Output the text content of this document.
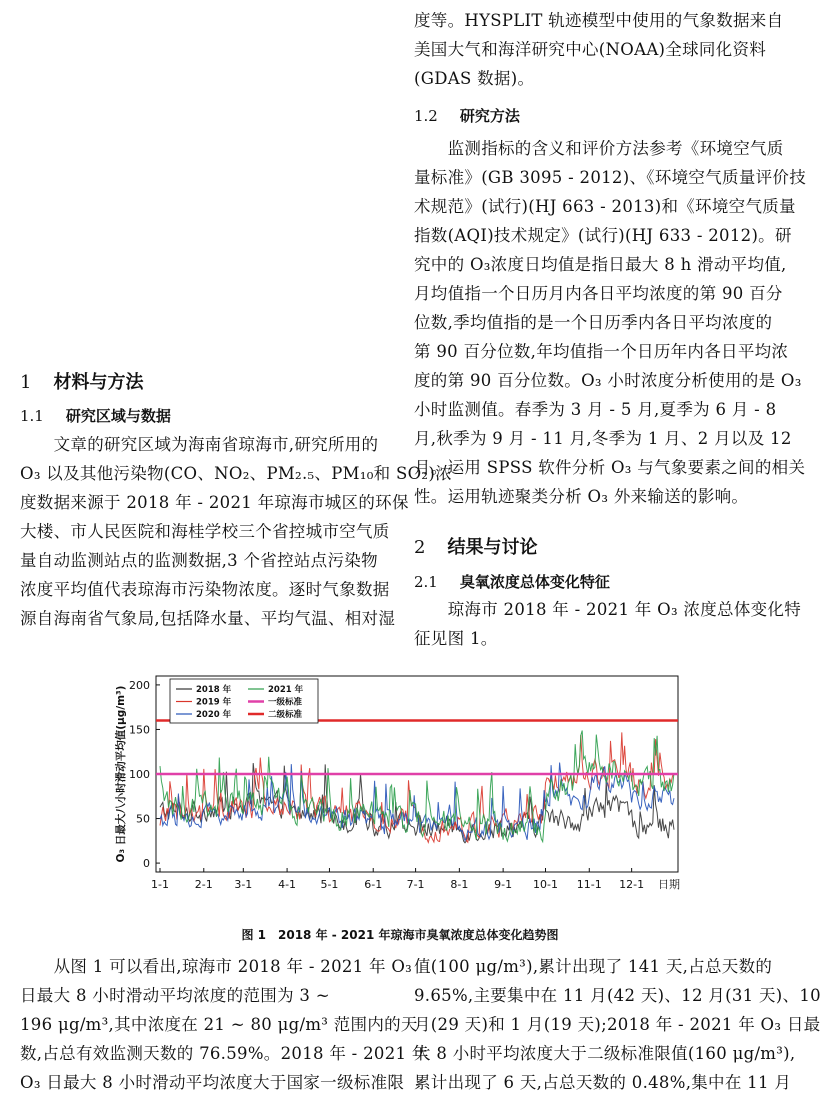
度等。HYSPLIT 轨迹模型中使用的气象数据来自
美国大气和海洋研究中心(NOAA)全球同化资料
(GDAS 数据)。
1.2 研究方法
　　监测指标的含义和评价方法参考《环境空气质
量标准》(GB 3095 - 2012)、《环境空气质量评价技
术规范》(试行)(HJ 663 - 2013)和《环境空气质量
指数(AQI)技术规定》(试行)(HJ 633 - 2012)。研
究中的 O₃浓度日均值是指日最大 8 h 滑动平均值,
月均值指一个日历月内各日平均浓度的第 90 百分
位数,季均值指的是一个日历季内各日平均浓度的
第 90 百分位数,年均值指一个日历年内各日平均浓
度的第 90 百分位数。O₃ 小时浓度分析使用的是 O₃
小时监测值。春季为 3 月 - 5 月,夏季为 6 月 - 8
月,秋季为 9 月 - 11 月,冬季为 1 月、2 月以及 12
月。运用 SPSS 软件分析 O₃ 与气象要素之间的相关
性。运用轨迹聚类分析 O₃ 外来输送的影响。
1 材料与方法
1.1 研究区域与数据
　　文章的研究区域为海南省琼海市,研究所用的
O₃ 以及其他污染物(CO、NO₂、PM₂.₅、PM₁₀和 SO₂)浓
度数据来源于 2018 年 - 2021 年琼海市城区的环保
大楼、市人民医院和海桂学校三个省控城市空气质
量自动监测站点的监测数据,3 个省控站点污染物
浓度平均值代表琼海市污染物浓度。逐时气象数据
源自海南省气象局,包括降水量、平均气温、相对湿
2 结果与讨论
2.1 臭氧浓度总体变化特征
　　琼海市 2018 年 - 2021 年 O₃ 浓度总体变化特
征见图 1。
200
150
100
50
0
1-1 2-1 3-1 4-1 5-1 6-1 7-1 8-1 9-1 10-1 11-1 12-1 日期
O₃ 日最大八小时滑动平均值(μg/m³)	2018 年
2019 年
2020 年
2021 年
一级标准
二级标准
图 1　2018 年 - 2021 年琼海市臭氧浓度总体变化趋势图
　　从图 1 可以看出,琼海市 2018 年 - 2021 年 O₃
日最大 8 小时滑动平均浓度的范围为 3 ~
196 μg/m³,其中浓度在 21 ~ 80 μg/m³ 范围内的天
数,占总有效监测天数的 76.59%。2018 年 - 2021 年
O₃ 日最大 8 小时滑动平均浓度大于国家一级标准限
值(100 μg/m³),累计出现了 141 天,占总天数的
9.65%,主要集中在 11 月(42 天)、12 月(31 天)、10
月(29 天)和 1 月(19 天);2018 年 - 2021 年 O₃ 日最
大 8 小时平均浓度大于二级标准限值(160 μg/m³),
累计出现了 6 天,占总天数的 0.48%,集中在 11 月
